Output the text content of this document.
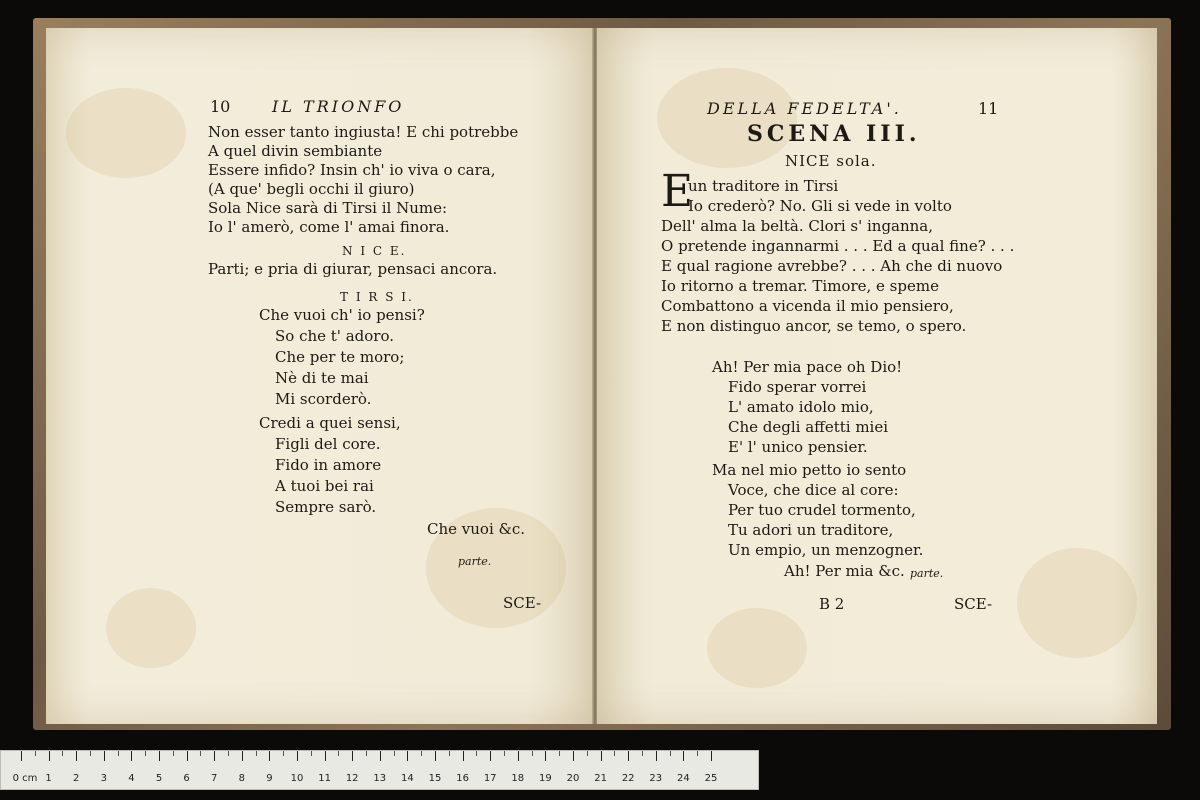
10	IL TRIONFO
Non esser tanto ingiusta! E chi potrebbe
A quel divin sembiante
Essere infido? Insin ch' io viva o cara,
(A que' begli occhi il giuro)
Sola Nice sarà di Tirsi il Nume:
Io l' amerò, come l' amai finora.
N I C E.
Parti; e pria di giurar, pensaci ancora.
T I R S I.
Che vuoi ch' io pensi?
So che t' adoro.
Che per te moro;
Nè di te mai
Mi scorderò.
Credi a quei sensi,
Figli del core.
Fido in amore
A tuoi bei rai
Sempre sarò.
Che vuoi &c.
parte.
SCE-
DELLA FEDELTA'.	11
SCENA III.
NICE sola.
E
un traditore in Tirsi
Io crederò? No. Gli si vede in volto
Dell' alma la beltà. Clori s' inganna,
O pretende ingannarmi . . . Ed a qual fine? . . .
E qual ragione avrebbe? . . . Ah che di nuovo
Io ritorno a tremar. Timore, e speme
Combattono a vicenda il mio pensiero,
E non distinguo ancor, se temo, o spero.
Ah! Per mia pace oh Dio!
Fido sperar vorrei
L' amato idolo mio,
Che degli affetti miei
E' l' unico pensier.
Ma nel mio petto io sento
Voce, che dice al core:
Per tuo crudel tormento,
Tu adori un traditore,
Un empio, un menzogner.
Ah! Per mia &c. parte.
B 2	SCE-
1 2 3 4 5 6 7 8 9 10 11 12 13 14 15 16 17 18 19 20 21 22 23 24 25
0 cm
